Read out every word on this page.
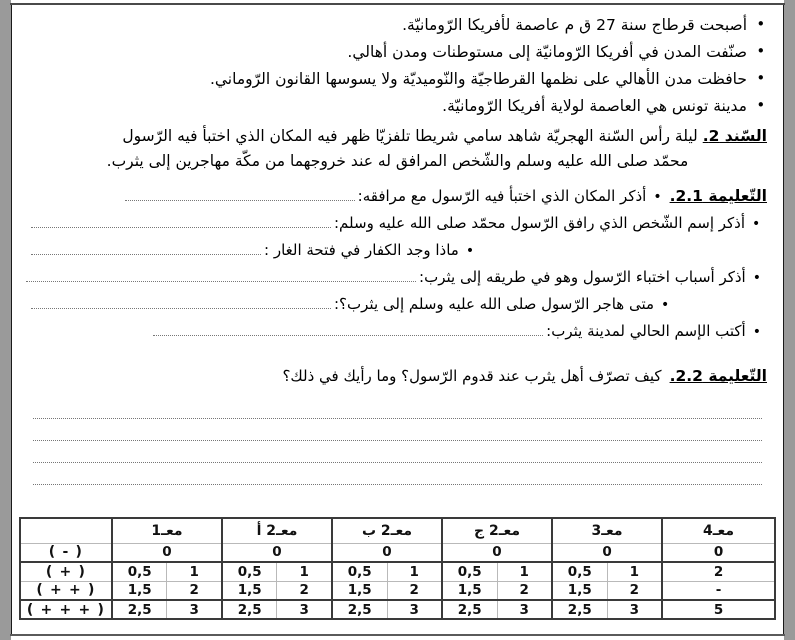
• أصبحت قرطاج سنة 27 ق م عاصمة لأفريكا الرّومانيّة.
• صنّفت المدن في أفريكا الرّومانيّة إلى مستوطنات ومدن أهالي.
• حافظت مدن الأهالي على نظمها القرطاجيّة والنّوميديّة ولا يسوسها القانون الرّوماني.
• مدينة تونس هي العاصمة لولاية أفريكا الرّومانيّة.

السّند 2. ليلة رأس السّنة الهجريّة شاهد سامي شريطا تلفزيّا ظهر فيه المكان الذي اختبأ فيه الرّسول

محمّد صلى الله عليه وسلم والشّخص المرافق له عند خروجهما من مكّة مهاجرين إلى يثرب.

التّعليمة 2.1.
•
أذكر المكان الذي اختبأ فيه الرّسول مع مرافقه:
•
أذكر إسم الشّخص الذي رافق الرّسول محمّد صلى الله عليه وسلم:
•
ماذا وجد الكفار في فتحة الغار :
•
أذكر أسباب اختباء الرّسول وهو في طريقه إلى يثرب:
•
متى هاجر الرّسول صلى الله عليه وسلم إلى يثرب؟:
•
أكتب الإسم الحالي لمدينة يثرب:
التّعليمة 2.2.
كيف تصرّف أهل يثرب عند قدوم الرّسول؟ وما رأيك في ذلك؟
	معـ1		معـ2 أ		معـ2 ب		معـ2 ج		معـ3		معـ4
( - )	0		0		0		0		0		0
( + )	0,5	1	0,5	1	0,5	1	0,5	1	0,5	1	2
( + + )	1,5	2	1,5	2	1,5	2	1,5	2	1,5	2	-
( + + + )	2,5	3	2,5	3	2,5	3	2,5	3	2,5	3	5
